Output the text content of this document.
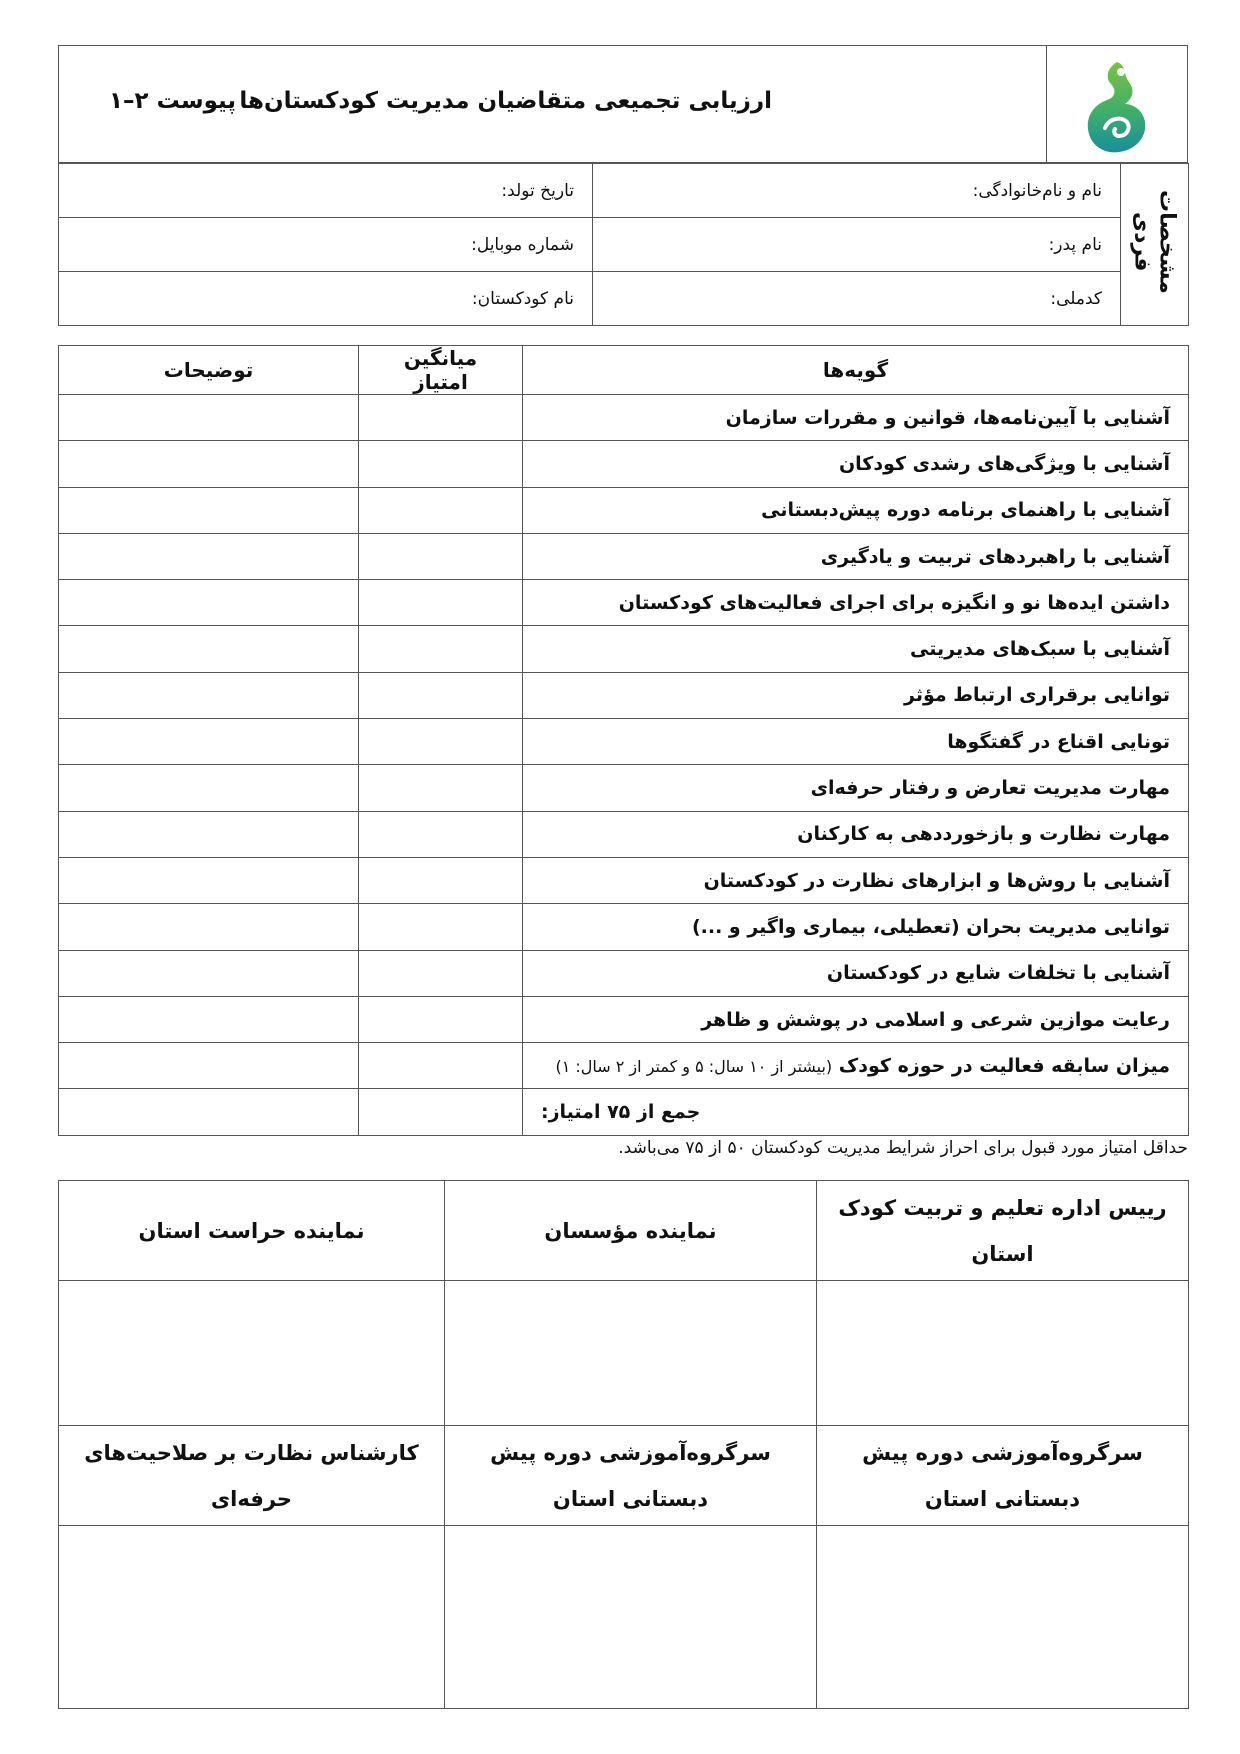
ارزیابی تجمیعی متقاضیان مدیریت کودکستان‌ها
پیوست ۲–۱
مشخصات فردی	نام و نام‌خانوادگی:	تاریخ تولد:
	نام پدر:	شماره موبایل:
	کدملی:	نام کودکستان:
گویه‌ها	میانگین امتیاز	توضیحات
آشنایی با آیین‌نامه‌ها، قوانین و مقررات سازمان		
آشنایی با ویژگی‌های رشدی کودکان		
آشنایی با راهنمای برنامه دوره پیش‌دبستانی		
آشنایی با راهبردهای تربیت و یادگیری		
داشتن ایده‌ها نو و انگیزه برای اجرای فعالیت‌های کودکستان		
آشنایی با سبک‌های مدیریتی		
توانایی برقراری ارتباط مؤثر		
تونایی اقناع در گفتگوها		
مهارت مدیریت تعارض و رفتار حرفه‌ای		
مهارت نظارت و بازخورددهی به کارکنان		
آشنایی با روش‌ها و ابزارهای نظارت در کودکستان		
توانایی مدیریت بحران (تعطیلی، بیماری واگیر و ...)		
آشنایی با تخلفات شایع در کودکستان		
رعایت موازین شرعی و اسلامی در پوشش و ظاهر		
میزان سابقه فعالیت در حوزه کودک (بیشتر از ۱۰ سال: ۵ و کمتر از ۲ سال: ۱)		
جمع از ۷۵ امتیاز:		
حداقل امتیاز مورد قبول برای احراز شرایط مدیریت کودکستان ۵۰ از ۷۵ می‌باشد.
رییس اداره تعلیم و تربیت کودک استان	نماینده مؤسسان	نماینده حراست استان

سرگروه‌آموزشی دوره پیش دبستانی استان	سرگروه‌آموزشی دوره پیش دبستانی استان	کارشناس نظارت بر صلاحیت‌های حرفه‌ای
